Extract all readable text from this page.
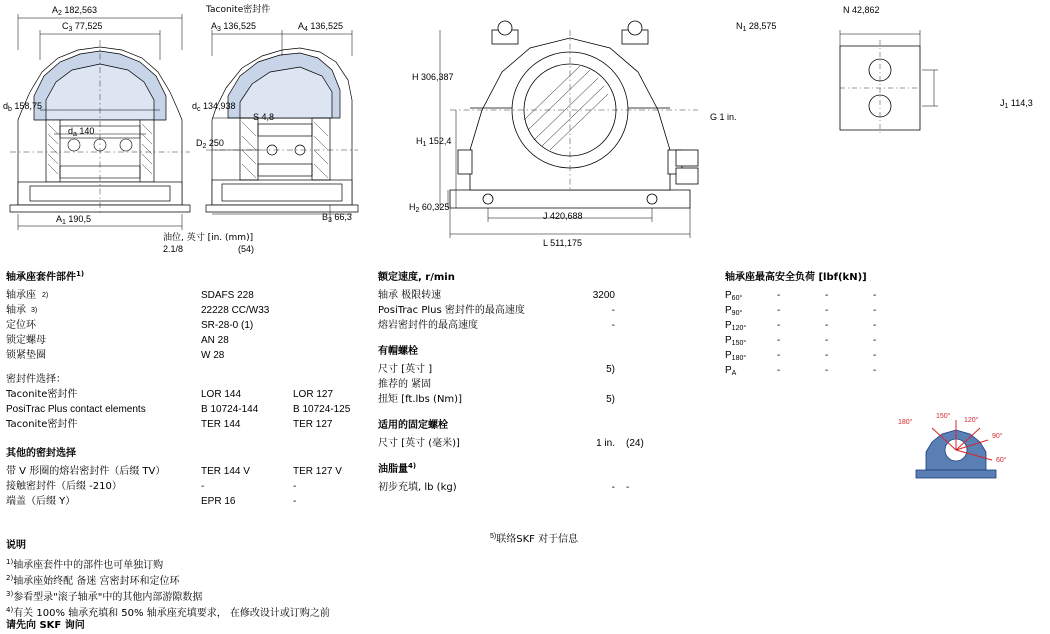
$A_2$ 182,563
$C_3$ 77,525
$d_b$ 158,75
$d_a$ 140
$A_1$ 190,5
Taconite密封件
$A_3$ 136,525	$A_4$ 136,525
S 4,8
$d_c$ 134,938
$D_2$ 250
$B_3$ 66,3
油位, 英寸 [in. (mm)]
2.1/8	(54)
H 306,387
$H_1$ 152,4
$H_2$ 60,325
J 420,688
L 511,175
G 1 in.
$N_1$ 28,575
N 42,862
$J_1$ 114,3
轴承座套件部件$^{1)}$
轴承座 2)	SDAFS 228
轴承 3)	22228 CC/W33
定位环	SR-28-0 (1)
锁定螺母	AN 28
锁紧垫圈	W 28
密封件选择：
Taconite密封件	LOR 144	LOR 127
PosiTrac Plus contact elements	B 10724-144	B 10724-125
Taconite密封件	TER 144	TER 127
其他的密封选择
带 V 形圈的熔岩密封件（后缀 TV）	TER 144 V	TER 127 V
接触密封件（后缀 -210）	-	-
端盖（后缀 Y）	EPR 16	-
额定速度, r/min
轴承 极限转速	3200
PosiTrac Plus 密封件的最高速度	-
熔岩密封件的最高速度	-
有帽螺栓
尺寸 [英寸 ]	5)
推荐的 紧固
扭矩 [ft.lbs (Nm)]	5)
适用的固定螺栓
尺寸 [英寸 (毫米)]	1 in. (24)
油脂量$^{4)}$
初步充填, lb (kg)	- -
轴承座最高安全负荷 [lbf(kN)]
$P_{60^\circ}$	-	-	-
$P_{90^\circ}$	-	-	-
$P_{120^\circ}$	-	-	-
$P_{150^\circ}$	-	-	-
$P_{180^\circ}$	-	-	-
$P_A$	-	-	-
180°
150°
120°
90°
60°
$^{5)}$联络SKF 对于信息
说明
$^{1)}$轴承座套件中的部件也可单独订购
$^{2)}$轴承座始终配 备迷 宫密封环和定位环
$^{3)}$参看型录"滚子轴承"中的其他内部游隙数据
$^{4)}$有关 100% 轴承充填和 50% 轴承座充填要求， 在修改设计或订购之前
请先向 SKF 询问
